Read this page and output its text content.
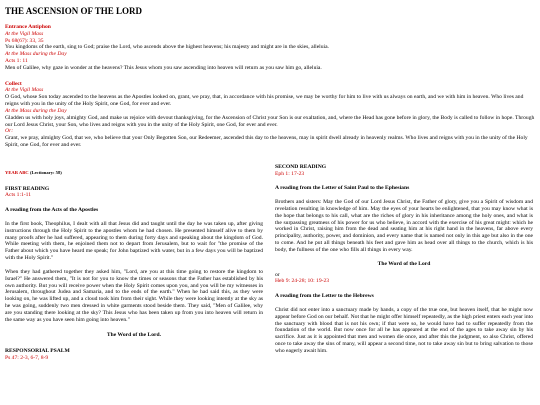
THE ASCENSION OF THE LORD
Entrance Antiphon
At the Vigil Mass
Ps 68(67): 33, 35

You kingdoms of the earth, sing to God; praise the Lord, who ascends above the highest heavens; his majesty and might are in the skies, alleluia.

At the Mass during the Day
Acts 1: 11

Men of Galilee, why gaze in wonder at the heavens? This Jesus whom you saw ascending into heaven will return as you saw him go, alleluia.

Collect
At the Vigil Mass

O God, whose Son today ascended to the heavens as the Apostles looked on, grant, we pray, that, in accordance with his promise, we may be worthy for him to live with us always on earth, and we with him in heaven. Who lives and reigns with you in the unity of the Holy Spirit, one God, for ever and ever.

At the Mass during the Day

Gladden us with holy joys, almighty God, and make us rejoice with devout thanksgiving, for the Ascension of Christ your Son is our exaltation, and, where the Head has gone before in glory, the Body is called to follow in hope. Through our Lord Jesus Christ, your Son, who lives and reigns with you in the unity of the Holy Spirit, one God, for ever and ever.

Or:

Grant, we pray, almighty God, that we, who believe that your Only Begotten Son, our Redeemer, ascended this day to the heavens, may in spirit dwell already in heavenly realms. Who lives and reigns with you in the unity of the Holy Spirit, one God, for ever and ever.

YEAR ABC (Lectionary: 58)
FIRST READING
Acts 1:1-11
A reading from the Acts of the Apostles

In the first book, Theophilus, I dealt with all that Jesus did and taught until the day he was taken up, after giving instructions through the Holy Spirit to the apostles whom he had chosen. He presented himself alive to them by many proofs after he had suffered, appearing to them during forty days and speaking about the kingdom of God. While meeting with them, he enjoined them not to depart from Jerusalem, but to wait for "the promise of the Father about which you have heard me speak; for John baptized with water, but in a few days you will be baptized with the Holy Spirit."

When they had gathered together they asked him, "Lord, are you at this time going to restore the kingdom to Israel?" He answered them, "It is not for you to know the times or seasons that the Father has established by his own authority. But you will receive power when the Holy Spirit comes upon you, and you will be my witnesses in Jerusalem, throughout Judea and Samaria, and to the ends of the earth." When he had said this, as they were looking on, he was lifted up, and a cloud took him from their sight. While they were looking intently at the sky as he was going, suddenly two men dressed in white garments stood beside them. They said, "Men of Galilee, why are you standing there looking at the sky? This Jesus who has been taken up from you into heaven will return in the same way as you have seen him going into heaven."

The Word of the Lord.
RESPONSORIAL PSALM
Ps 47: 2-3, 6-7, 8-9
SECOND READING
Eph 1: 17-23
A reading from the Letter of Saint Paul to the Ephesians

Brothers and sisters: May the God of our Lord Jesus Christ, the Father of glory, give you a Spirit of wisdom and revelation resulting in knowledge of him. May the eyes of your hearts be enlightened, that you may know what is the hope that belongs to his call, what are the riches of glory in his inheritance among the holy ones, and what is the surpassing greatness of his power for us who believe, in accord with the exercise of his great might: which he worked in Christ, raising him from the dead and seating him at his right hand in the heavens, far above every principality, authority, power, and dominion, and every name that is named not only in this age but also in the one to come. And he put all things beneath his feet and gave him as head over all things to the church, which is his body, the fullness of the one who fills all things in every way.

The Word of the Lord
or
Heb 9: 24-28; 10: 19-23
A reading from the Letter to the Hebrews

Christ did not enter into a sanctuary made by hands, a copy of the true one, but heaven itself, that he might now appear before God on our behalf. Not that he might offer himself repeatedly, as the high priest enters each year into the sanctuary with blood that is not his own; if that were so, he would have had to suffer repeatedly from the foundation of the world. But now once for all he has appeared at the end of the ages to take away sin by his sacrifice. Just as it is appointed that men and women die once, and after this the judgment, so also Christ, offered once to take away the sins of many, will appear a second time, not to take away sin but to bring salvation to those who eagerly await him.
